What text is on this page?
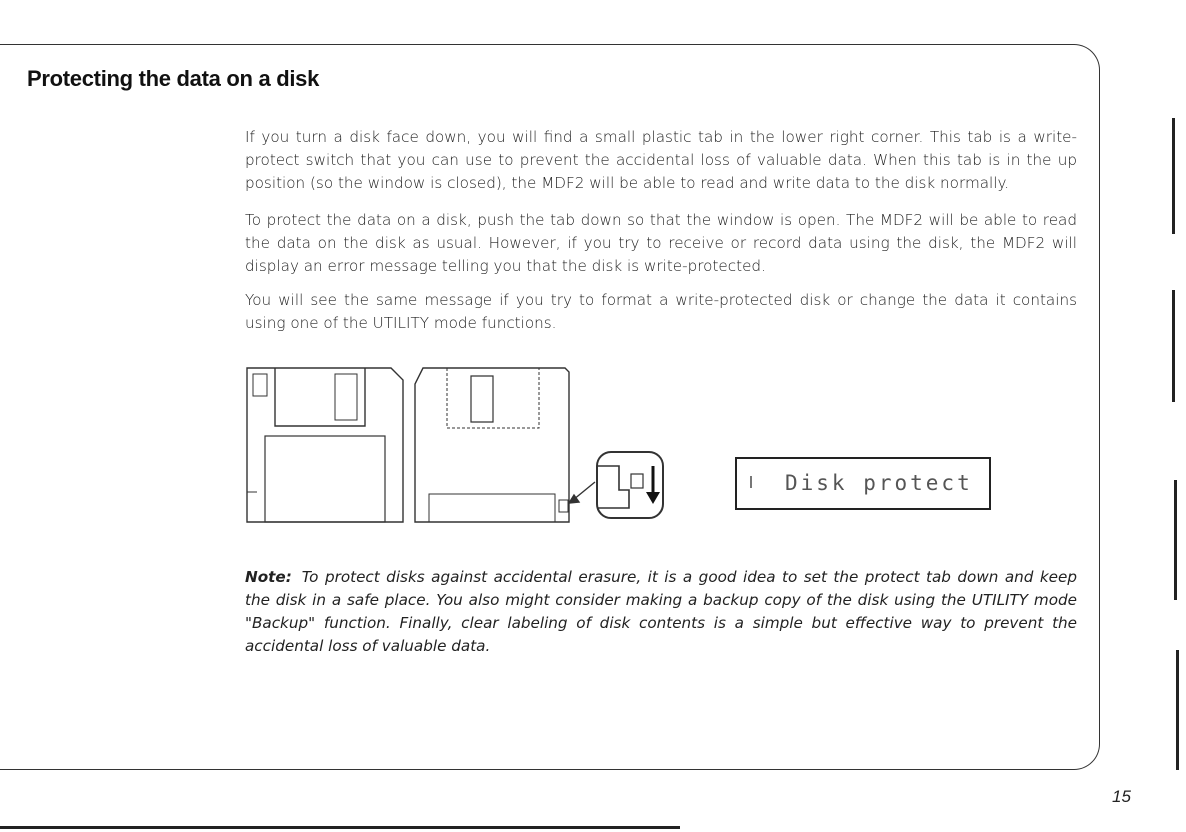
Protecting the data on a disk

If you turn a disk face down, you will find a small plastic tab in the lower right corner. This tab is a write-protect switch that you can use to prevent the accidental loss of valuable data. When this tab is in the up position (so the window is closed), the MDF2 will be able to read and write data to the disk normally.

To protect the data on a disk, push the tab down so that the window is open. The MDF2 will be able to read the data on the disk as usual. However, if you try to receive or record data using the disk, the MDF2 will display an error message telling you that the disk is write-protected.

You will see the same message if you try to format a write-protected disk or change the data it contains using one of the UTILITY mode functions.

Disk protect

Note: To protect disks against accidental erasure, it is a good idea to set the protect tab down and keep the disk in a safe place. You also might consider making a backup copy of the disk using the UTILITY mode "Backup" function. Finally, clear labeling of disk contents is a simple but effective way to prevent the accidental loss of valuable data.

15
